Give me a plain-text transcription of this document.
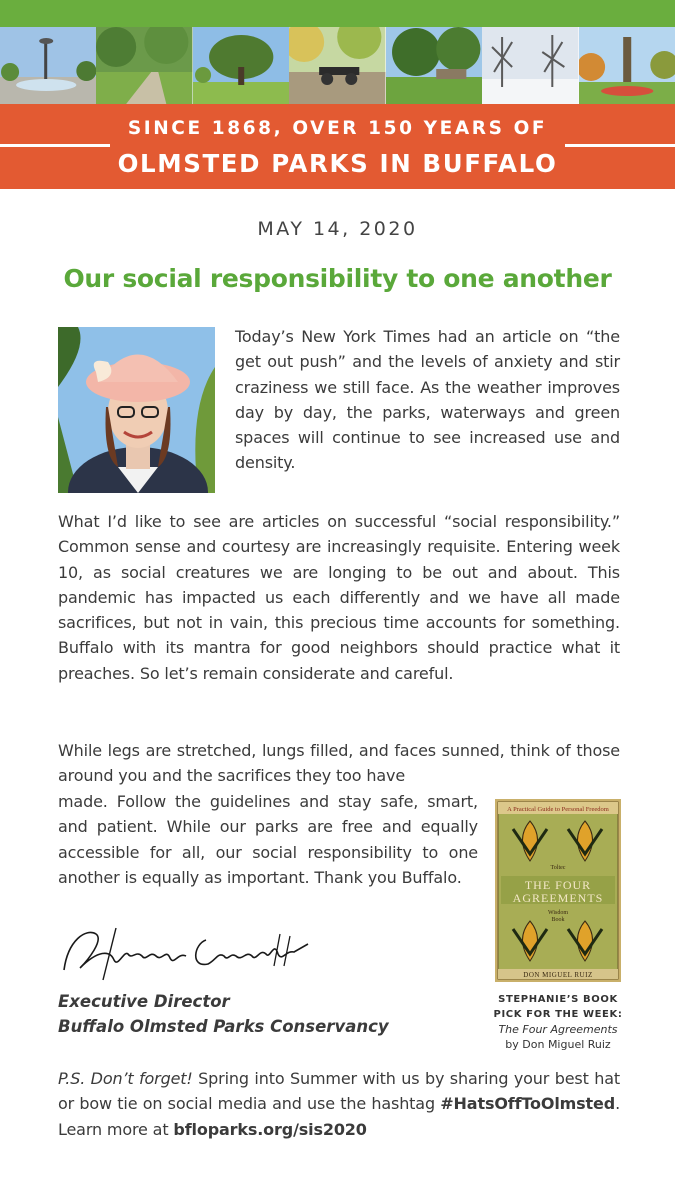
SINCE 1868, OVER 150 YEARS OF
OLMSTED PARKS IN BUFFALO
MAY 14, 2020
Our social responsibility to one another

Today’s New York Times had an article on “the get out push” and the levels of anxiety and stir craziness we still face. As the weather improves day by day, the parks, waterways and green spaces will continue to see increased use and density.

What I’d like to see are articles on successful “social responsibility.” Common sense and courtesy are increasingly requisite. Entering week 10, as social creatures we are longing to be out and about. This pandemic has impacted us each differently and we have all made sacrifices, but not in vain, this precious time accounts for something. Buffalo with its mantra for good neighbors should practice what it preaches. So let’s remain considerate and careful.

While legs are stretched, lungs filled, and faces sunned, think of those around you and the sacrifices they too have

made. Follow the guidelines and stay safe, smart, and patient. While our parks are free and equally accessible for all, our social responsibility to one another is equally as important. Thank you Buffalo.

Executive Director
Buffalo Olmsted Parks Conservancy
A Practical Guide to Personal Freedom
Toltec
THE FOUR
AGREEMENTS
Wisdom
Book
DON MIGUEL RUIZ
STEPHANIE’S BOOK
PICK FOR THE WEEK:
The Four Agreements
by Don Miguel Ruiz

P.S. Don’t forget! Spring into Summer with us by sharing your best hat or bow tie on social media and use the hashtag #HatsOffToOlmsted. Learn more at bfloparks.org/sis2020
